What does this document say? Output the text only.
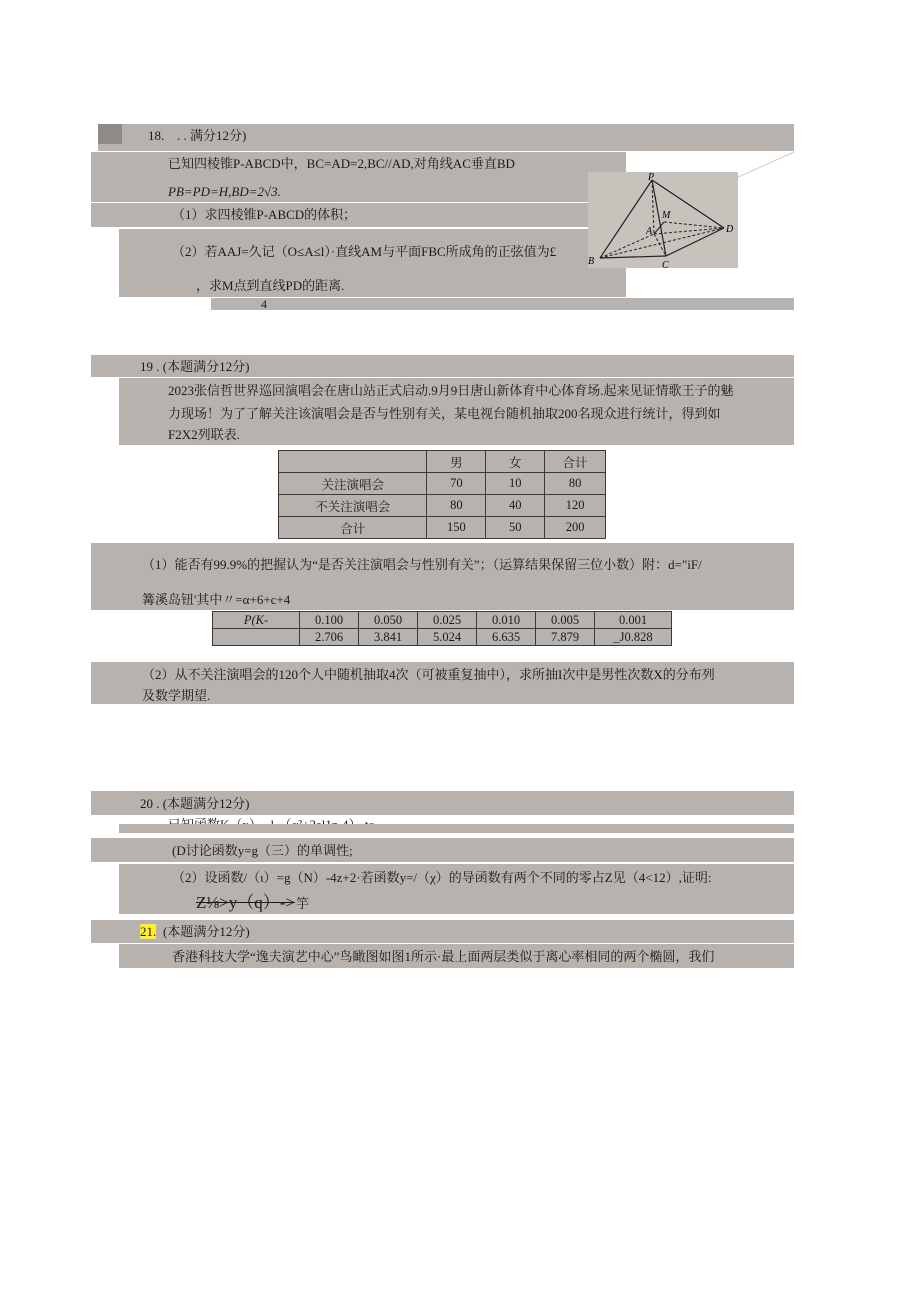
18. . . 满分12分)
已知四棱锥P-ABCD中，BC=AD=2,BC//AD,对角线AC垂直BD
PB=PD=H,BD=2√3.
（1）求四棱锥P-ABCD的体积；
（2）若AAJ=久记（O≤A≤l）·直线AM与平面FBC所成角的正弦值为£
，求M点到直线PD的距离.
4
P
M
A
B	C
D
19 . (本题满分12分)
2023张信哲世界巡回演唱会在唐山站正式启动.9月9日唐山新体育中心体育场.起来见证情歌王子的魅
力现场！为了了解关注该演唱会是否与性别有关，某电视台随机抽取200名现众进行统计，得到如
F2X2列联表.
	男	女	合计
关注演唱会	70	10	80
不关注演唱会	80	40	120
合计	150	50	200
（1）能否有99.9%的把握认为“是否关注演唱会与性别有关”；（运算结果保留三位小数）附：d="iF/
篝溪岛钮'其中〃=α+6+c+4
P(K-	0.100	0.050	0.025	0.010	0.005	0.001
	2.706	3.841	5.024	6.635	7.879	_J0.828
（2）从不关注演唱会的120个人中随机抽取4次（可被重复抽中），求所抽I次中是男性次数X的分布列
及数学期望.
20 . (本题满分12分)
(D讨论函数y=g（三）的单调性;
（2）设函数/（ι）=g（N）-4z+2·若函数y=/（χ）的导函数有两个不同的零占Z见（4<12）,证明:
Z⅛>y（q）-> 竽
21. (本题满分12分)
香港科技大学“逸夫演艺中心”鸟瞰图如图1所示·最上面两层类似于离心率相同的两个椭圆，我们
